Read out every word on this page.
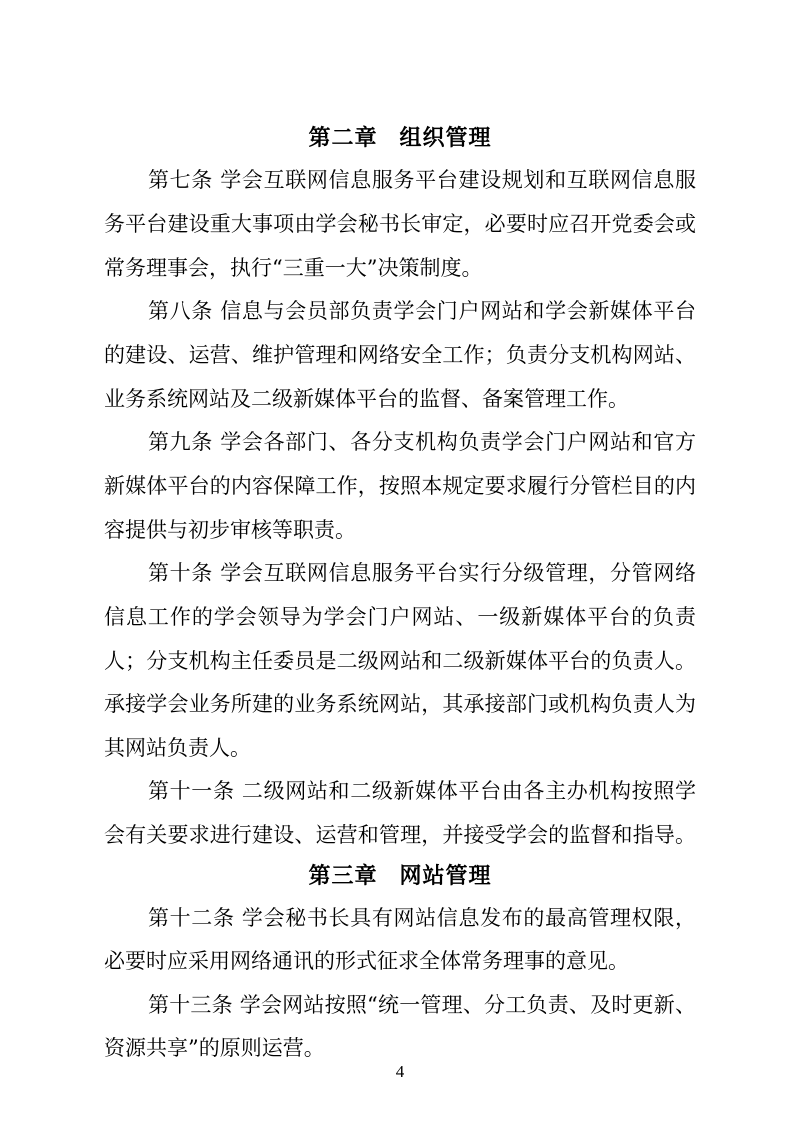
第二章 组织管理
第七条 学会互联网信息服务平台建设规划和互联网信息服
务平台建设重大事项由学会秘书长审定，必要时应召开党委会或
常务理事会，执行“三重一大”决策制度。
第八条 信息与会员部负责学会门户网站和学会新媒体平台
的建设、运营、维护管理和网络安全工作；负责分支机构网站、
业务系统网站及二级新媒体平台的监督、备案管理工作。
第九条 学会各部门、各分支机构负责学会门户网站和官方
新媒体平台的内容保障工作，按照本规定要求履行分管栏目的内
容提供与初步审核等职责。
第十条 学会互联网信息服务平台实行分级管理，分管网络
信息工作的学会领导为学会门户网站、一级新媒体平台的负责
人；分支机构主任委员是二级网站和二级新媒体平台的负责人。
承接学会业务所建的业务系统网站，其承接部门或机构负责人为
其网站负责人。
第十一条 二级网站和二级新媒体平台由各主办机构按照学
会有关要求进行建设、运营和管理，并接受学会的监督和指导。
第三章 网站管理
第十二条 学会秘书长具有网站信息发布的最高管理权限，
必要时应采用网络通讯的形式征求全体常务理事的意见。
第十三条 学会网站按照“统一管理、分工负责、及时更新、
资源共享”的原则运营。
4
